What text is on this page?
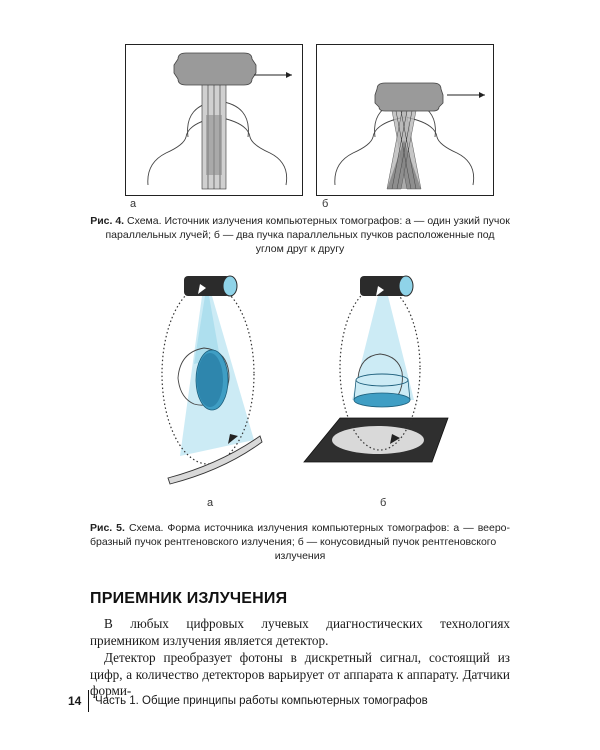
а	б
Рис. 4. Схема. Источник излучения компьютерных томографов: а — один узкий пучок параллельных лучей; б — два пучка параллельных пучков расположенные под углом друг к другу
а	б
Рис. 5. Схема. Форма источника излучения компьютерных томографов: а — вееро-бразный пучок рентгеновского излучения; б — конусовидный пучок рентгеновского
излучения
ПРИЕМНИК ИЗЛУЧЕНИЯ
В любых цифровых лучевых диагностических технологиях приемником излучения является детектор.
Детектор преобразует фотоны в дискретный сигнал, состоящий из цифр, а количество детекторов варьирует от аппарата к аппарату. Датчики форми-
14 Часть 1. Общие принципы работы компьютерных томографов
